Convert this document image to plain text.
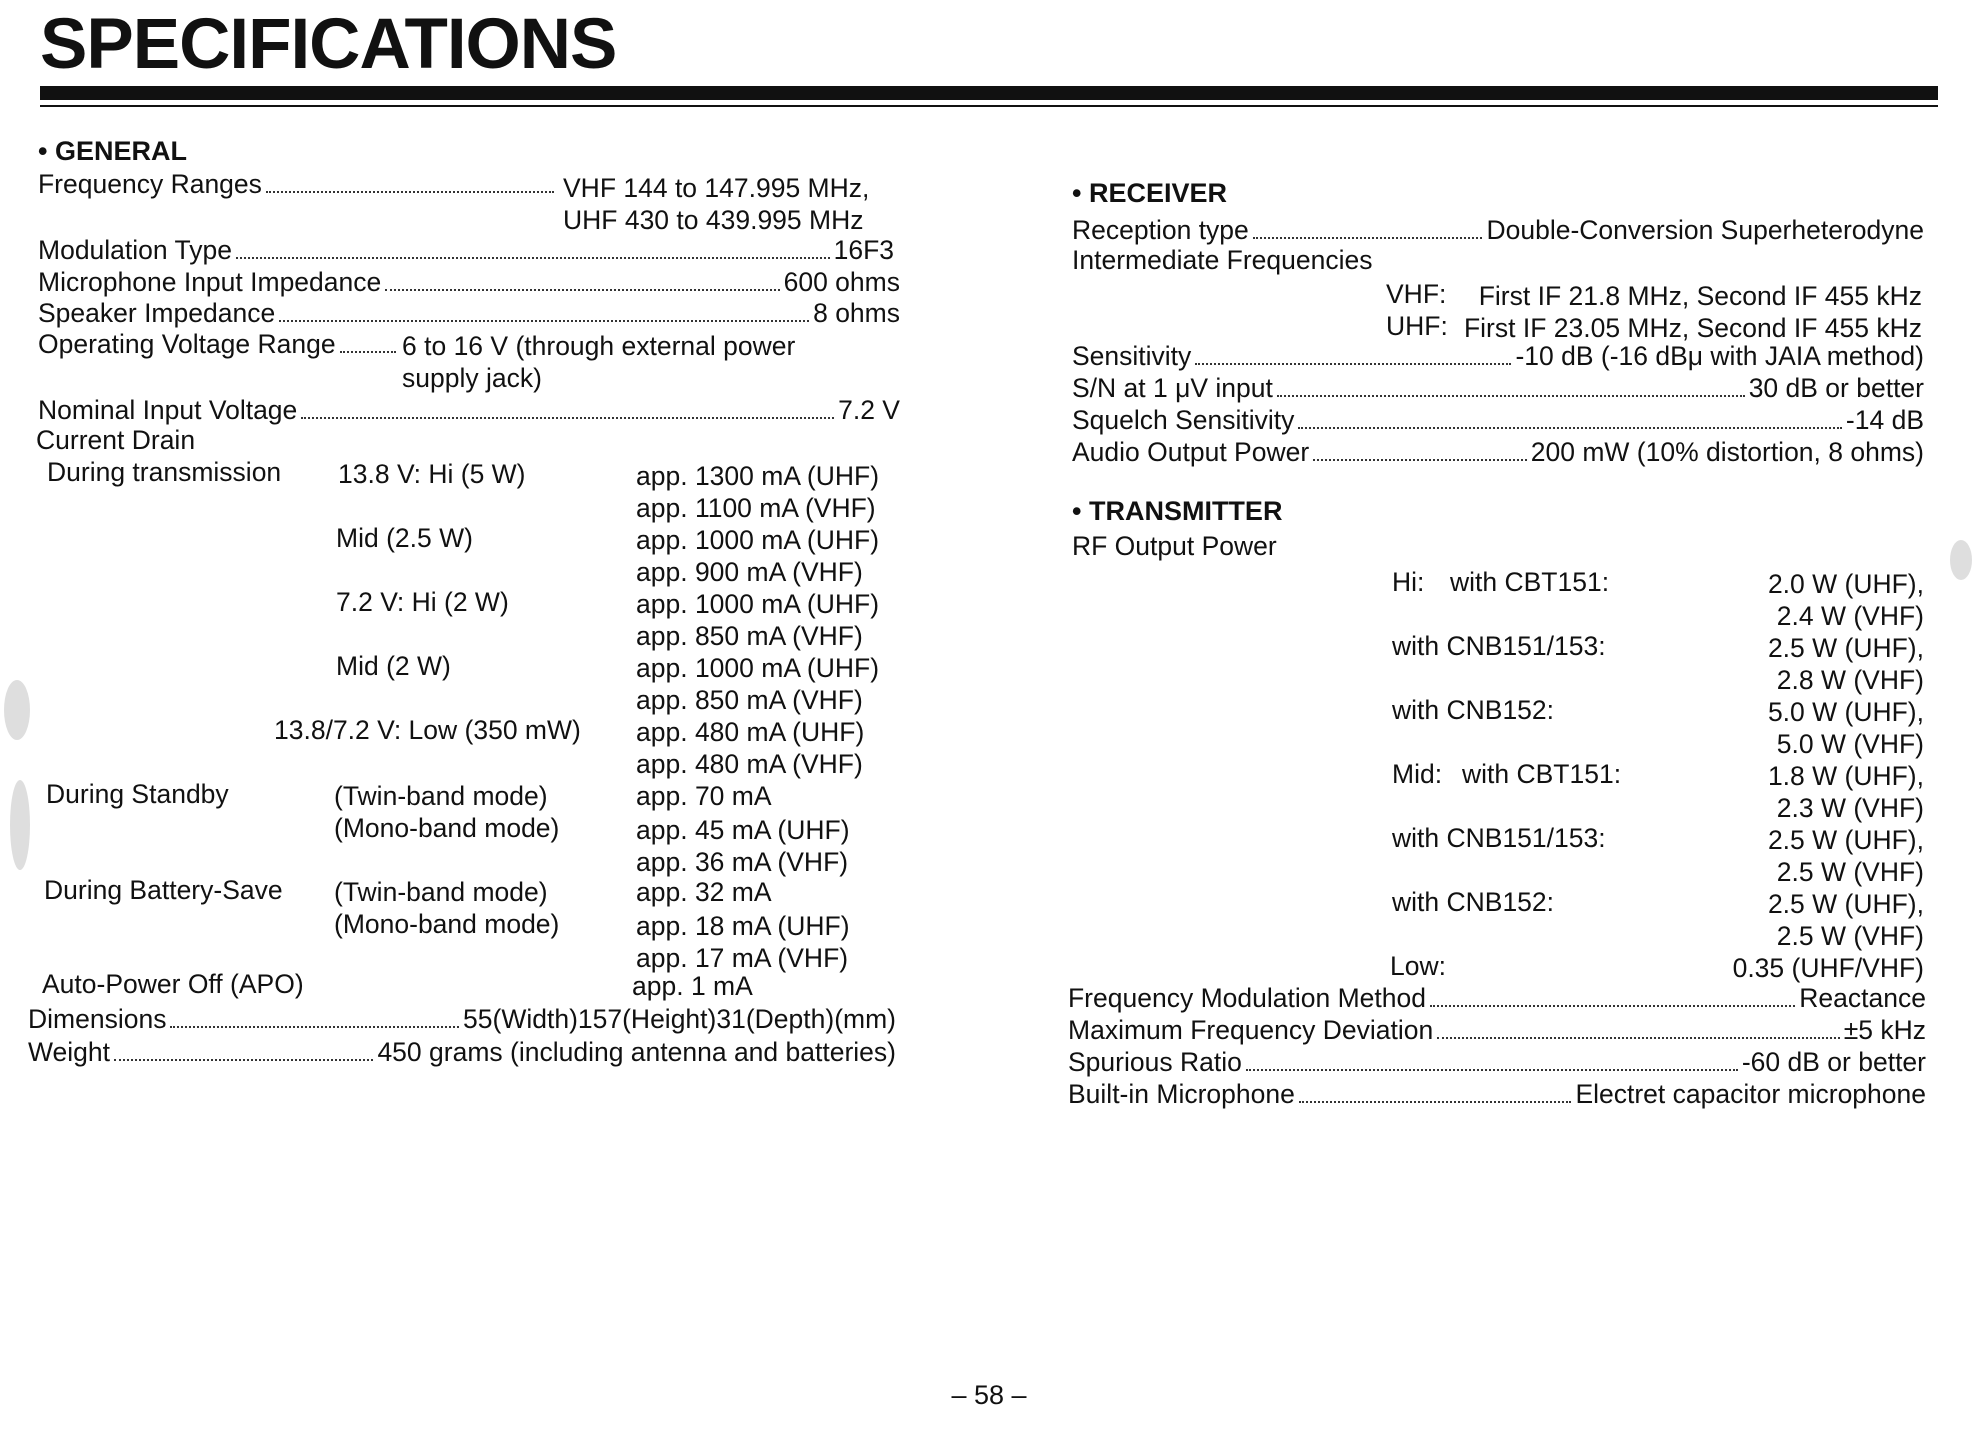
SPECIFICATIONS
• GENERAL
Frequency Ranges	VHF 144 to 147.995 MHz,
UHF 430 to 439.995 MHz
Modulation Type	16F3
Microphone Input Impedance	600 ohms
Speaker Impedance	8 ohms
Operating Voltage Range	6 to 16 V (through external power
supply jack)
Nominal Input Voltage	7.2 V
Current Drain
During transmission 13.8 V: Hi (5 W)	app. 1300 mA (UHF)
app. 1100 mA (VHF)
Mid (2.5 W)	app. 1000 mA (UHF)
app. 900 mA (VHF)
7.2 V: Hi (2 W)	app. 1000 mA (UHF)
app. 850 mA (VHF)
Mid (2 W)	app. 1000 mA (UHF)
app. 850 mA (VHF)
13.8/7.2 V: Low (350 mW) app. 480 mA (UHF)
app. 480 mA (VHF)
During Standby	(Twin-band mode)	app. 70 mA
(Mono-band mode)	app. 45 mA (UHF)
app. 36 mA (VHF)
During Battery-Save (Twin-band mode)	app. 32 mA
(Mono-band mode)	app. 18 mA (UHF)
app. 17 mA (VHF)
Auto-Power Off (APO)	app. 1 mA
Dimensions	55(Width)157(Height)31(Depth)(mm)
Weight	450 grams (including antenna and batteries)
• RECEIVER
Reception type	Double-Conversion Superheterodyne
Intermediate Frequencies
VHF:	First IF 21.8 MHz, Second IF 455 kHz
UHF: First IF 23.05 MHz, Second IF 455 kHz
Sensitivity	-10 dB (-16 dBμ with JAIA method)
S/N at 1 μV input	30 dB or better
Squelch Sensitivity	-14 dB
Audio Output Power	200 mW (10% distortion, 8 ohms)
• TRANSMITTER
RF Output Power
Hi: with CBT151:	2.0 W (UHF),
2.4 W (VHF)
with CNB151/153:	2.5 W (UHF),
2.8 W (VHF)
with CNB152:	5.0 W (UHF),
5.0 W (VHF)
Mid: with CBT151:	1.8 W (UHF),
2.3 W (VHF)
with CNB151/153:	2.5 W (UHF),
2.5 W (VHF)
with CNB152:	2.5 W (UHF),
2.5 W (VHF)
Low:	0.35 (UHF/VHF)
Frequency Modulation Method	Reactance
Maximum Frequency Deviation	±5 kHz
Spurious Ratio	-60 dB or better
Built-in Microphone	Electret capacitor microphone
– 58 –
